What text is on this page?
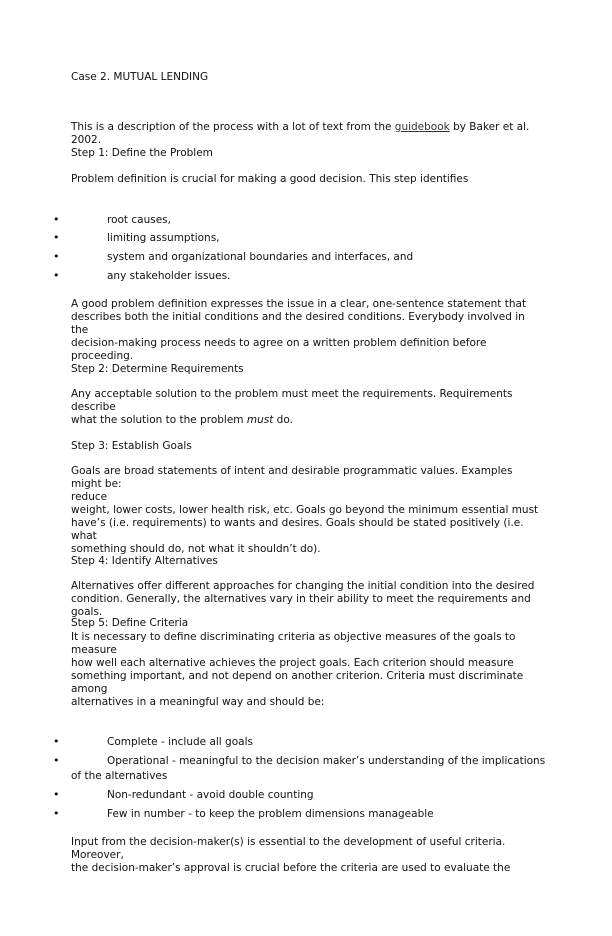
Case 2. MUTUAL LENDING
This is a description of the process with a lot of text from the guidebook by Baker et al. 2002.
Step 1: Define the Problem
Problem definition is crucial for making a good decision. This step identifies
•	root causes,
•	limiting assumptions,
•	system and organizational boundaries and interfaces, and
•	any stakeholder issues.

A good problem definition expresses the issue in a clear, one-sentence statement that

describes both the initial conditions and the desired conditions. Everybody involved in the

decision-making process needs to agree on a written problem definition before proceeding.

Step 2: Determine Requirements

Any acceptable solution to the problem must meet the requirements. Requirements describe

what the solution to the problem must do.

Step 3: Establish Goals

Goals are broad statements of intent and desirable programmatic values. Examples might be:

reduce

weight, lower costs, lower health risk, etc. Goals go beyond the minimum essential must

have’s (i.e. requirements) to wants and desires. Goals should be stated positively (i.e. what

something should do, not what it shouldn’t do).

Step 4: Identify Alternatives

Alternatives offer different approaches for changing the initial condition into the desired

condition. Generally, the alternatives vary in their ability to meet the requirements and

goals.

Step 5: Define Criteria

It is necessary to define discriminating criteria as objective measures of the goals to measure

how well each alternative achieves the project goals. Each criterion should measure

something important, and not depend on another criterion. Criteria must discriminate among

alternatives in a meaningful way and should be:

•	Complete - include all goals
•	Operational - meaningful to the decision maker’s understanding of the implications
of the alternatives
•	Non-redundant - avoid double counting
•	Few in number - to keep the problem dimensions manageable

Input from the decision-maker(s) is essential to the development of useful criteria. Moreover,

the decision-maker’s approval is crucial before the criteria are used to evaluate the
